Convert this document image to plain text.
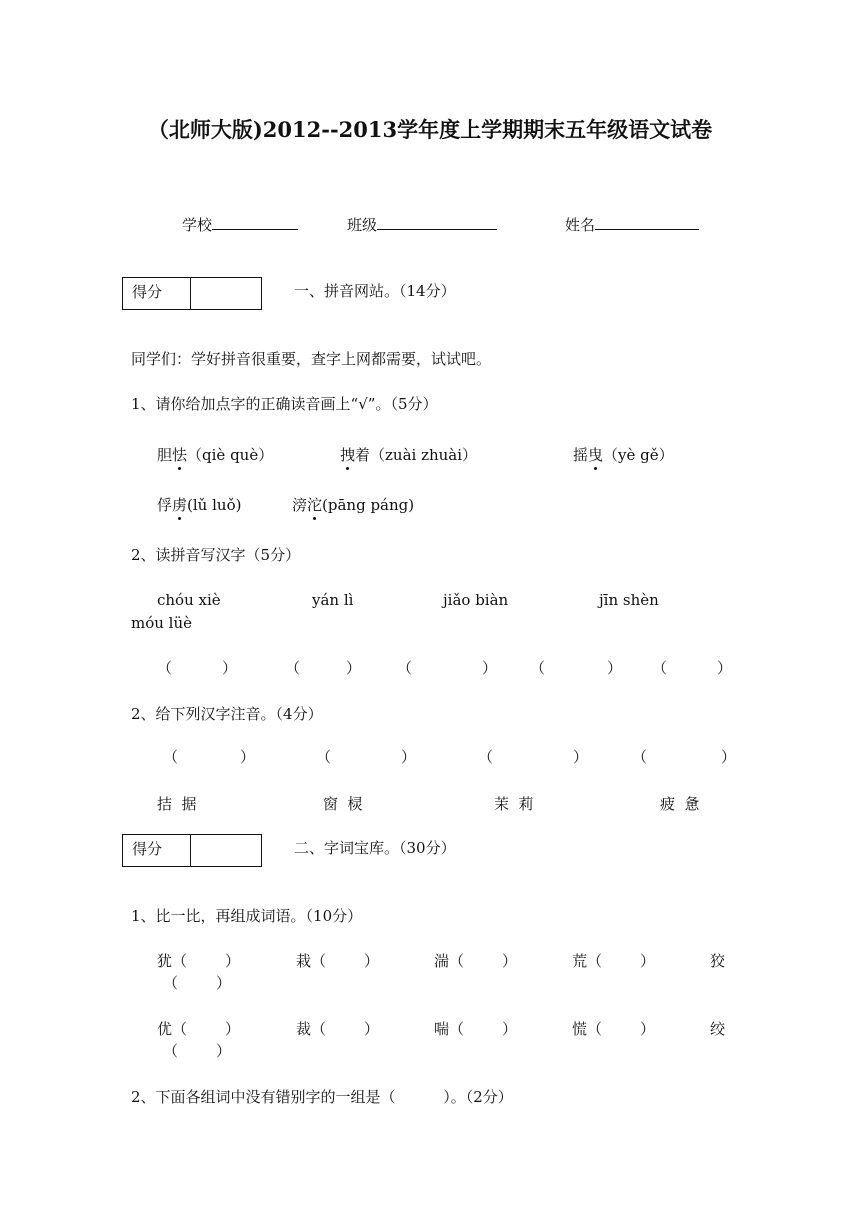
（北师大版)2012--2013学年度上学期期末五年级语文试卷
学校	班级	姓名
得分	一、拼音网站。（14分）
同学们：学好拼音很重要，查字上网都需要，试试吧。
1、请你给加点字的正确读音画上“√”。（5分）
胆怯（qiè què）	拽着（zuài zhuài）	摇曳（yè gě）
俘虏(lǔ luǒ)	滂沱(pāng páng)
2、读拼音写汉字（5分）
chóu xiè	yán lì	jiǎo biàn	jīn shèn
móu lüè
（	）	（	） （	） （	） （	）
2、给下列汉字注音。（4分）
（	）	（	）	（	）	（	）
拮  据	窗  棂	茉  莉	疲  惫
得分	二、字词宝库。（30分）
1、比一比，再组成词语。（10分）
犹（	）	栽（	）	湍（	）	荒（	）	狡
（	）
优（	）	裁（	）	喘（	）	慌（	）	绞
（	）
2、下面各组词中没有错别字的一组是（          ）。（2分）
